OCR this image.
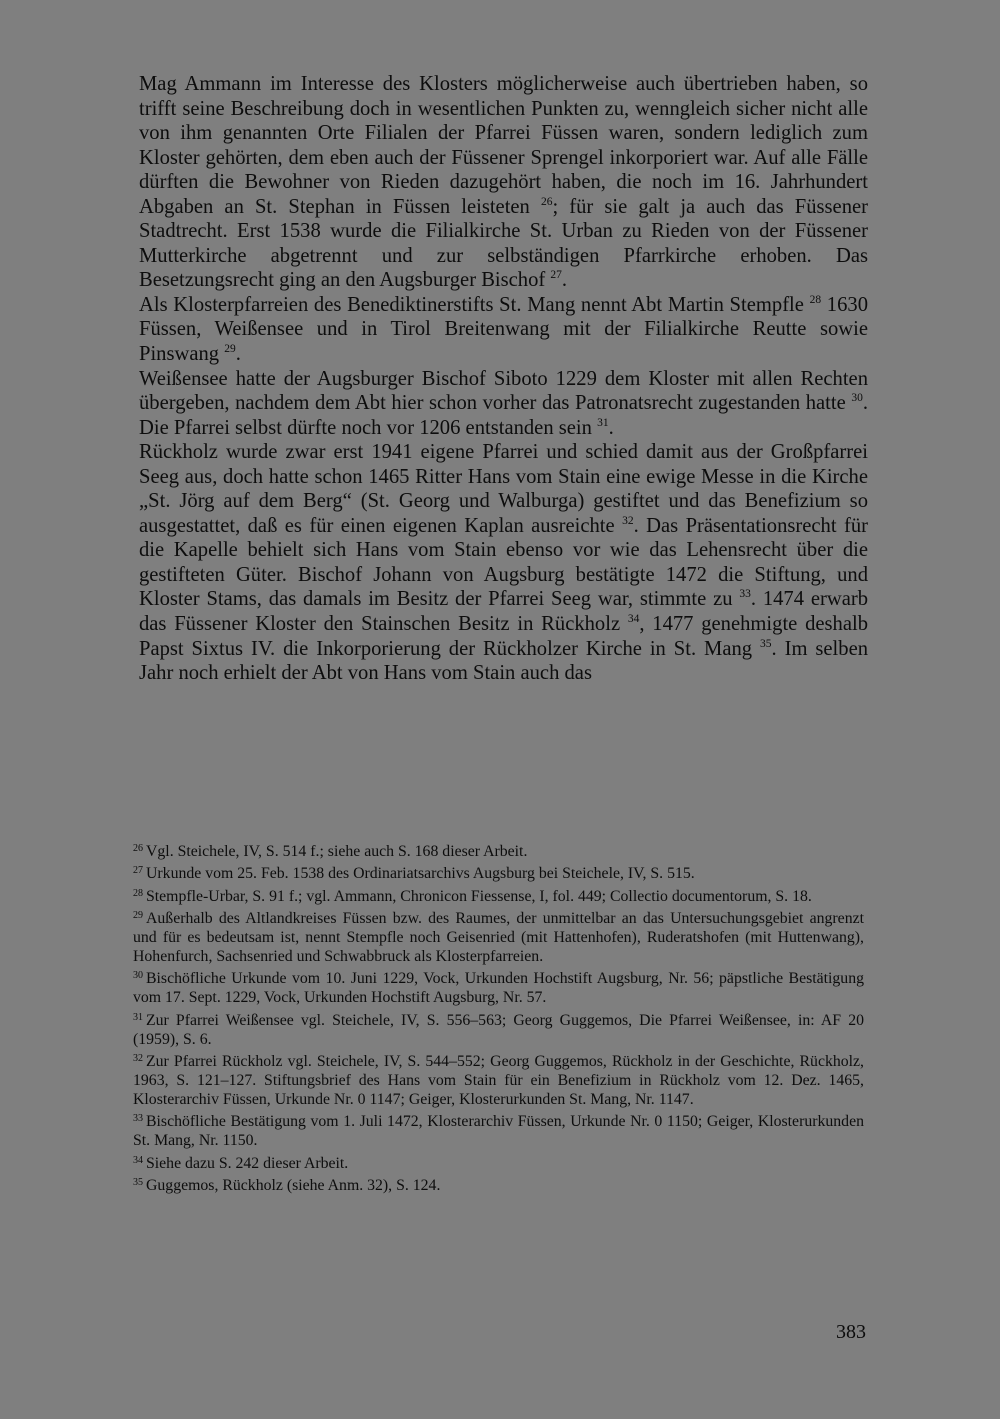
Mag Ammann im Interesse des Klosters möglicherweise auch übertrieben haben, so trifft seine Beschreibung doch in wesentlichen Punkten zu, wenngleich sicher nicht alle von ihm genannten Orte Filialen der Pfarrei Füssen waren, sondern lediglich zum Kloster gehörten, dem eben auch der Füssener Sprengel inkorporiert war. Auf alle Fälle dürften die Bewohner von Rieden dazugehört haben, die noch im 16. Jahrhundert Abgaben an St. Stephan in Füssen leisteten $^{26}$; für sie galt ja auch das Füssener Stadtrecht. Erst 1538 wurde die Filialkirche St. Urban zu Rieden von der Füssener Mutterkirche abgetrennt und zur selbständigen Pfarrkirche erhoben. Das Besetzungsrecht ging an den Augsburger Bischof $^{27}$.

Als Klosterpfarreien des Benediktinerstifts St. Mang nennt Abt Martin Stempfle $^{28}$ 1630 Füssen, Weißensee und in Tirol Breitenwang mit der Filialkirche Reutte sowie Pinswang $^{29}$.

Weißensee hatte der Augsburger Bischof Siboto 1229 dem Kloster mit allen Rechten übergeben, nachdem dem Abt hier schon vorher das Patronatsrecht zugestanden hatte $^{30}$. Die Pfarrei selbst dürfte noch vor 1206 entstanden sein $^{31}$.

Rückholz wurde zwar erst 1941 eigene Pfarrei und schied damit aus der Großpfarrei Seeg aus, doch hatte schon 1465 Ritter Hans vom Stain eine ewige Messe in die Kirche „St. Jörg auf dem Berg“ (St. Georg und Walburga) gestiftet und das Benefizium so ausgestattet, daß es für einen eigenen Kaplan ausreichte $^{32}$. Das Präsentationsrecht für die Kapelle behielt sich Hans vom Stain ebenso vor wie das Lehensrecht über die gestifteten Güter. Bischof Johann von Augsburg bestätigte 1472 die Stiftung, und Kloster Stams, das damals im Besitz der Pfarrei Seeg war, stimmte zu $^{33}$. 1474 erwarb das Füssener Kloster den Stainschen Besitz in Rückholz $^{34}$, 1477 genehmigte deshalb Papst Sixtus IV. die Inkorporierung der Rückholzer Kirche in St. Mang $^{35}$. Im selben Jahr noch erhielt der Abt von Hans vom Stain auch das

$^{26}$ Vgl. Steichele, IV, S. 514 f.; siehe auch S. 168 dieser Arbeit.

$^{27}$ Urkunde vom 25. Feb. 1538 des Ordinariatsarchivs Augsburg bei Steichele, IV, S. 515.

$^{28}$ Stempfle-Urbar, S. 91 f.; vgl. Ammann, Chronicon Fiessense, I, fol. 449; Collectio documentorum, S. 18.

$^{29}$ Außerhalb des Altlandkreises Füssen bzw. des Raumes, der unmittelbar an das Untersuchungsgebiet angrenzt und für es bedeutsam ist, nennt Stempfle noch Geisenried (mit Hattenhofen), Ruderatshofen (mit Huttenwang), Hohenfurch, Sachsenried und Schwabbruck als Klosterpfarreien.

$^{30}$ Bischöfliche Urkunde vom 10. Juni 1229, Vock, Urkunden Hochstift Augsburg, Nr. 56; päpstliche Bestätigung vom 17. Sept. 1229, Vock, Urkunden Hochstift Augsburg, Nr. 57.

$^{31}$ Zur Pfarrei Weißensee vgl. Steichele, IV, S. 556–563; Georg Guggemos, Die Pfarrei Weißensee, in: AF 20 (1959), S. 6.

$^{32}$ Zur Pfarrei Rückholz vgl. Steichele, IV, S. 544–552; Georg Guggemos, Rückholz in der Geschichte, Rückholz, 1963, S. 121–127. Stiftungsbrief des Hans vom Stain für ein Benefizium in Rückholz vom 12. Dez. 1465, Klosterarchiv Füssen, Urkunde Nr. 0 1147; Geiger, Klosterurkunden St. Mang, Nr. 1147.

$^{33}$ Bischöfliche Bestätigung vom 1. Juli 1472, Klosterarchiv Füssen, Urkunde Nr. 0 1150; Geiger, Klosterurkunden St. Mang, Nr. 1150.

$^{34}$ Siehe dazu S. 242 dieser Arbeit.

$^{35}$ Guggemos, Rückholz (siehe Anm. 32), S. 124.

383
